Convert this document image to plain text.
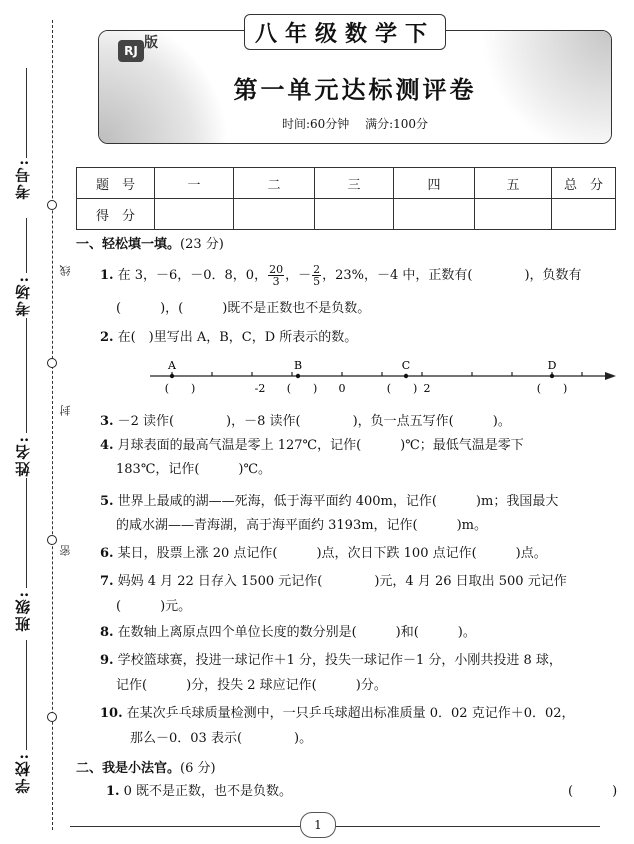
考号:
考场:
姓名:
班级:
学校:
线
封
密
八年级数学下
RJ 版
第一单元达标测评卷
时间:60分钟 满分:100分
题　号	一	二	三	四	五	总　分
得　分						
一、轻松填一填。(23 分)
1. 在 3，－6，－0．8，0， $\frac{20}{3}$ ，－ $\frac{2}{5}$ ，23%，－4 中，正数有(　　　　)，负数有
(　　　)，(　　　)既不是正数也不是负数。
2. 在(　)里写出 A，B，C，D 所表示的数。
A	B	C	D
-2	0	2
(　　)	(　　)	(　　)	(　　)
3. －2 读作(　　　　)，－8 读作(　　　　)，负一点五写作(　　　)。
4. 月球表面的最高气温是零上 127℃，记作(　　　)℃；最低气温是零下
183℃，记作(　　　)℃。
5. 世界上最咸的湖——死海，低于海平面约 400m，记作(　　　)m；我国最大
的咸水湖——青海湖，高于海平面约 3193m，记作(　　　)m。
6. 某日，股票上涨 20 点记作(　　　)点，次日下跌 100 点记作(　　　)点。
7. 妈妈 4 月 22 日存入 1500 元记作(　　　　)元，4 月 26 日取出 500 元记作
(　　　)元。
8. 在数轴上离原点四个单位长度的数分别是(　　　)和(　　　)。
9. 学校篮球赛，投进一球记作＋1 分，投失一球记作－1 分，小刚共投进 8 球，
记作(　　　)分，投失 2 球应记作(　　　)分。
10. 在某次乒乓球质量检测中，一只乒乓球超出标准质量 0．02 克记作＋0．02，
那么－0．03 表示(　　　　)。
二、我是小法官。(6 分)
1. 0 既不是正数，也不是负数。	(　　　)
1
